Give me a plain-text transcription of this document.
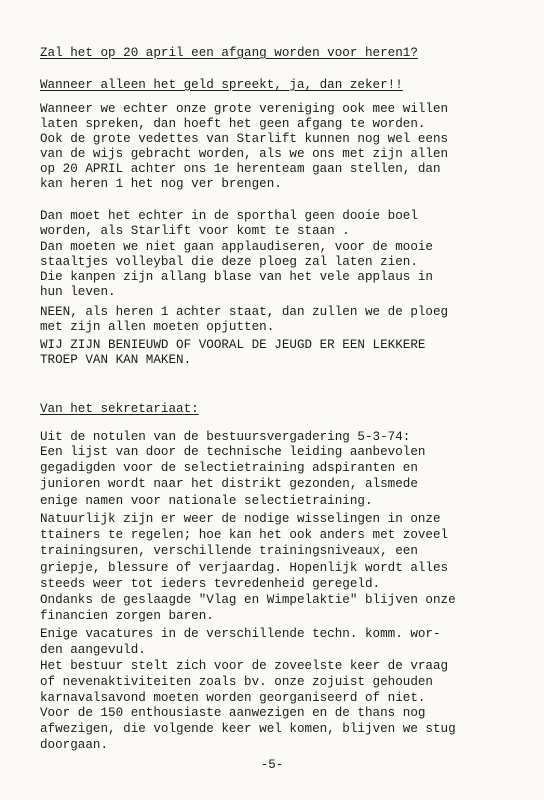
Zal het op 20 april een afgang worden voor heren1?
Wanneer alleen het geld spreekt, ja, dan zeker!!
Wanneer we echter onze grote vereniging ook mee willen
laten spreken, dan hoeft het geen afgang te worden.
Ook de grote vedettes van Starlift kunnen nog wel eens
van de wijs gebracht worden, als we ons met zijn allen
op 20 APRIL achter ons 1e herenteam gaan stellen, dan
kan heren 1 het nog ver brengen.
Dan moet het echter in de sporthal geen dooie boel
worden, als Starlift voor komt te staan .
Dan moeten we niet gaan applaudiseren, voor de mooie
staaltjes volleybal die deze ploeg zal laten zien.
Die kanpen zijn allang blase van het vele applaus in
hun leven.
NEEN, als heren 1 achter staat, dan zullen we de ploeg
met zijn allen moeten opjutten.
WIJ ZIJN BENIEUWD OF VOORAL DE JEUGD ER EEN LEKKERE
TROEP VAN KAN MAKEN.
Van het sekretariaat:
Uit de notulen van de bestuursvergadering 5-3-74:
Een lijst van door de technische leiding aanbevolen
gegadigden voor de selectietraining adspiranten en
junioren wordt naar het distrikt gezonden, alsmede
enige namen voor nationale selectietraining.
Natuurlijk zijn er weer de nodige wisselingen in onze
ttainers te regelen; hoe kan het ook anders met zoveel
trainingsuren, verschillende trainingsniveaux, een
griepje, blessure of verjaardag. Hopenlijk wordt alles
steeds weer tot ieders tevredenheid geregeld.
Ondanks de geslaagde "Vlag en Wimpelaktie" blijven onze
financien zorgen baren.
Enige vacatures in de verschillende techn. komm. wor-
den aangevuld.
Het bestuur stelt zich voor de zoveelste keer de vraag
of nevenaktiviteiten zoals bv. onze zojuist gehouden
karnavalsavond moeten worden georganiseerd of niet.
Voor de 150 enthousiaste aanwezigen en de thans nog
afwezigen, die volgende keer wel komen, blijven we stug
doorgaan.
-5-
